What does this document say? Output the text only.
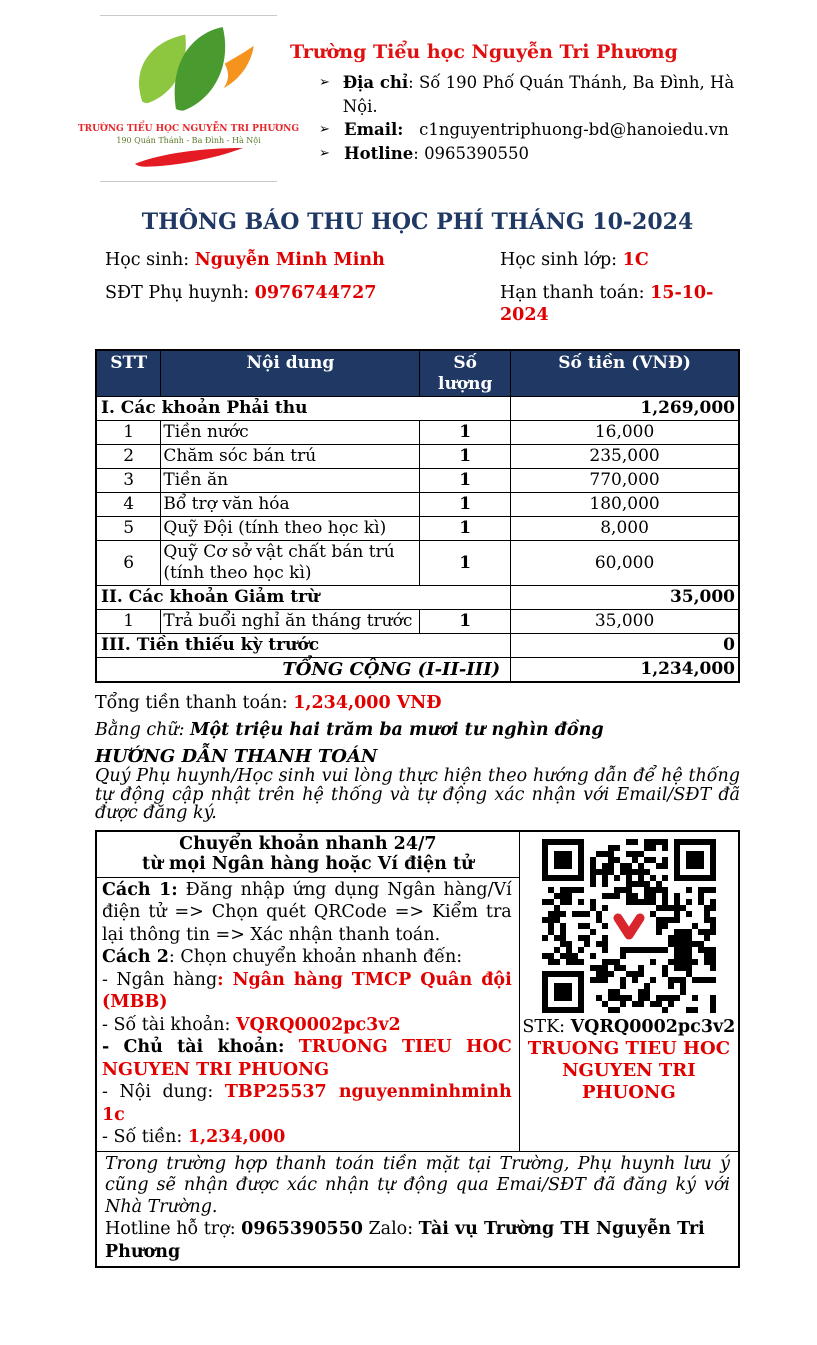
TRƯỜNG TIỂU HỌC NGUYỄN TRI PHƯƠNG
190 Quán Thánh - Ba Đình - Hà Nội
Trường Tiểu học Nguyễn Tri Phương
➢ Địa chỉ: Số 190 Phố Quán Thánh, Ba Đình, Hà Nội.
➢ Email: c1nguyentriphuong-bd@hanoiedu.vn
➢ Hotline: 0965390550
THÔNG BÁO THU HỌC PHÍ THÁNG 10-2024
Học sinh: Nguyễn Minh Minh
SĐT Phụ huynh: 0976744727
Học sinh lớp: 1C
Hạn thanh toán: 15-10-2024
STT	Nội dung	Số lượng	Số tiền (VNĐ)
I. Các khoản Phải thu			1,269,000
1	Tiền nước	1	16,000
2	Chăm sóc bán trú	1	235,000
3	Tiền ăn	1	770,000
4	Bổ trợ văn hóa	1	180,000
5	Quỹ Đội (tính theo học kì)	1	8,000
6	Quỹ Cơ sở vật chất bán trú (tính theo học kì)	1	60,000
II. Các khoản Giảm trừ			35,000
1	Trả buổi nghỉ ăn tháng trước	1	35,000
III. Tiền thiếu kỳ trước			0
TỔNG CỘNG (I-II-III)			1,234,000
Tổng tiền thanh toán: 1,234,000 VNĐ
Bằng chữ: Một triệu hai trăm ba mươi tư nghìn đồng
HƯỚNG DẪN THANH TOÁN
Quý Phụ huynh/Học sinh vui lòng thực hiện theo hướng dẫn để hệ thống tự động cập nhật trên hệ thống và tự động xác nhận với Email/SĐT đã được đăng ký.
Chuyển khoản nhanh 24/7
từ mọi Ngân hàng hoặc Ví điện tử

STK: VQRQ0002pc3v2
TRUONG TIEU HOC
NGUYEN TRI PHUONG

Cách 1: Đăng nhập ứng dụng Ngân hàng/Ví điện tử => Chọn quét QRCode => Kiểm tra lại thông tin => Xác nhận thanh toán.
Cách 2: Chọn chuyển khoản nhanh đến:
- Ngân hàng: Ngân hàng TMCP Quân đội (MBB)
- Số tài khoản: VQRQ0002pc3v2
- Chủ tài khoản: TRUONG TIEU HOC NGUYEN TRI PHUONG
- Nội dung: TBP25537 nguyenminhminh 1c
- Số tiền: 1,234,000

Trong trường hợp thanh toán tiền mặt tại Trường, Phụ huynh lưu ý cũng sẽ nhận được xác nhận tự động qua Emai/SĐT đã đăng ký với Nhà Trường.
Hotline hỗ trợ: 0965390550 Zalo: Tài vụ Trường TH Nguyễn Tri Phương
